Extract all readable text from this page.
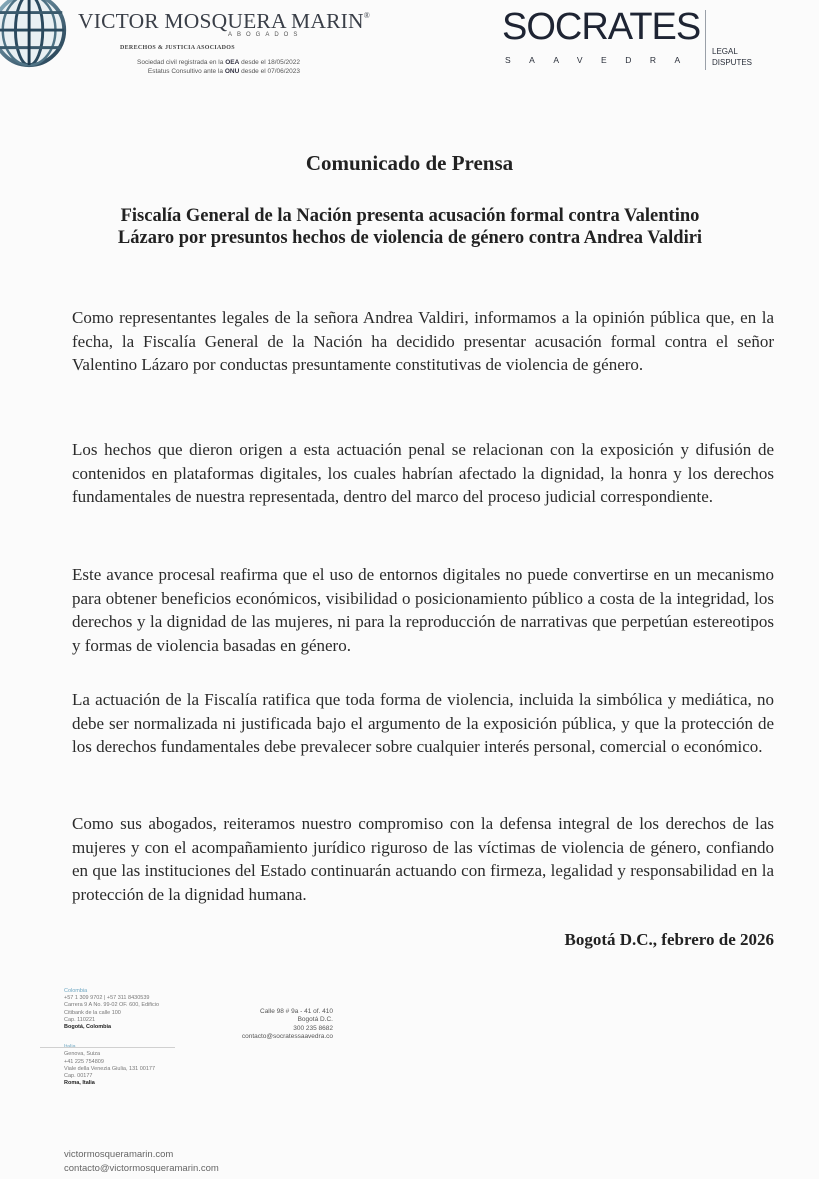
VICTOR MOSQUERA MARIN®
ABOGADOS
DERECHOS & JUSTICIA ASOCIADOS
Sociedad civil registrada en la OEA desde el 18/05/2022
Estatus Consultivo ante la ONU desde el 07/06/2023
SOCRATES
SAAVEDRA
LEGAL
DISPUTES
Comunicado de Prensa
Fiscalía General de la Nación presenta acusación formal contra Valentino Lázaro por presuntos hechos de violencia de género contra Andrea Valdiri

Como representantes legales de la señora Andrea Valdiri, informamos a la opinión pública que, en la fecha, la Fiscalía General de la Nación ha decidido presentar acusación formal contra el señor Valentino Lázaro por conductas presuntamente constitutivas de violencia de género.

Los hechos que dieron origen a esta actuación penal se relacionan con la exposición y difusión de contenidos en plataformas digitales, los cuales habrían afectado la dignidad, la honra y los derechos fundamentales de nuestra representada, dentro del marco del proceso judicial correspondiente.

Este avance procesal reafirma que el uso de entornos digitales no puede convertirse en un mecanismo para obtener beneficios económicos, visibilidad o posicionamiento público a costa de la integridad, los derechos y la dignidad de las mujeres, ni para la reproducción de narrativas que perpetúan estereotipos y formas de violencia basadas en género.

La actuación de la Fiscalía ratifica que toda forma de violencia, incluida la simbólica y mediática, no debe ser normalizada ni justificada bajo el argumento de la exposición pública, y que la protección de los derechos fundamentales debe prevalecer sobre cualquier interés personal, comercial o económico.

Como sus abogados, reiteramos nuestro compromiso con la defensa integral de los derechos de las mujeres y con el acompañamiento jurídico riguroso de las víctimas de violencia de género, confiando en que las instituciones del Estado continuarán actuando con firmeza, legalidad y responsabilidad en la protección de la dignidad humana.

Bogotá D.C., febrero de 2026
Colombia
+57 1 309 9702 | +57 311 8430539
Carrera 9 A No. 99-02 OF. 600, Edificio
Citibank de la calle 100
Cap. 110221
Bogotá, Colombia
Genova, Suiza
+41 225 754809
Viale della Venezia Giulia, 131 00177
Cap. 00177
Roma, Italia
Calle 98 # 9a - 41 of. 410
Bogotá D.C.
300 235 8682
contacto@socratessaavedra.co
victormosqueramarin.com
contacto@victormosqueramarin.com
